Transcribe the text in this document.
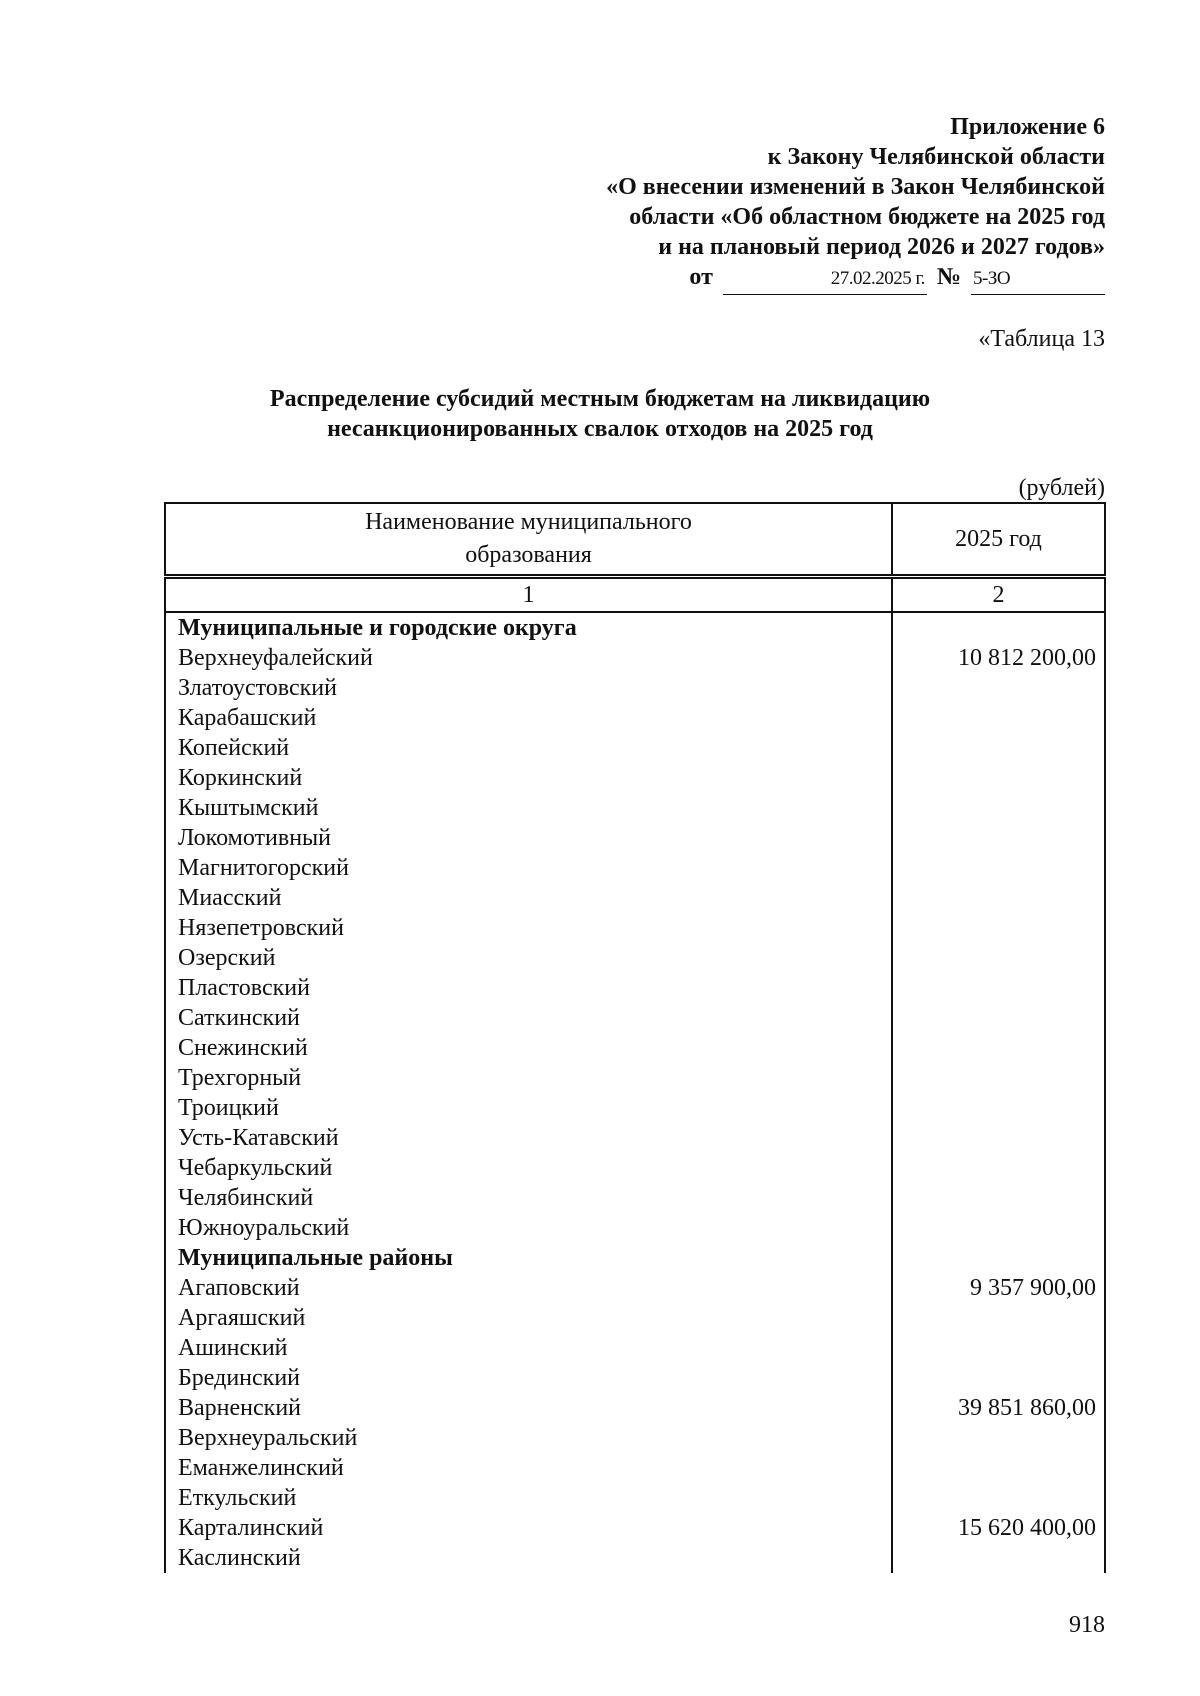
Приложение 6
к Закону Челябинской области
«О внесении изменений в Закон Челябинской
области «Об областном бюджете на 2025 год
и на плановый период 2026 и 2027 годов»
от	27.02.2025 г. № 5-ЗО
«Таблица 13
Распределение субсидий местным бюджетам на ликвидацию
несанкционированных свалок отходов на 2025 год
(рублей)
Наименование муниципального
образования	2025 год
1	2
Муниципальные и городские округа	
Верхнеуфалейский	10 812 200,00
Златоустовский	
Карабашский	
Копейский	
Коркинский	
Кыштымский	
Локомотивный	
Магнитогорский	
Миасский	
Нязепетровский	
Озерский	
Пластовский	
Саткинский	
Снежинский	
Трехгорный	
Троицкий	
Усть-Катавский	
Чебаркульский	
Челябинский	
Южноуральский	
Муниципальные районы	
Агаповский	9 357 900,00
Аргаяшский	
Ашинский	
Брединский	
Варненский	39 851 860,00
Верхнеуральский	
Еманжелинский	
Еткульский	
Карталинский	15 620 400,00
Каслинский	
918
